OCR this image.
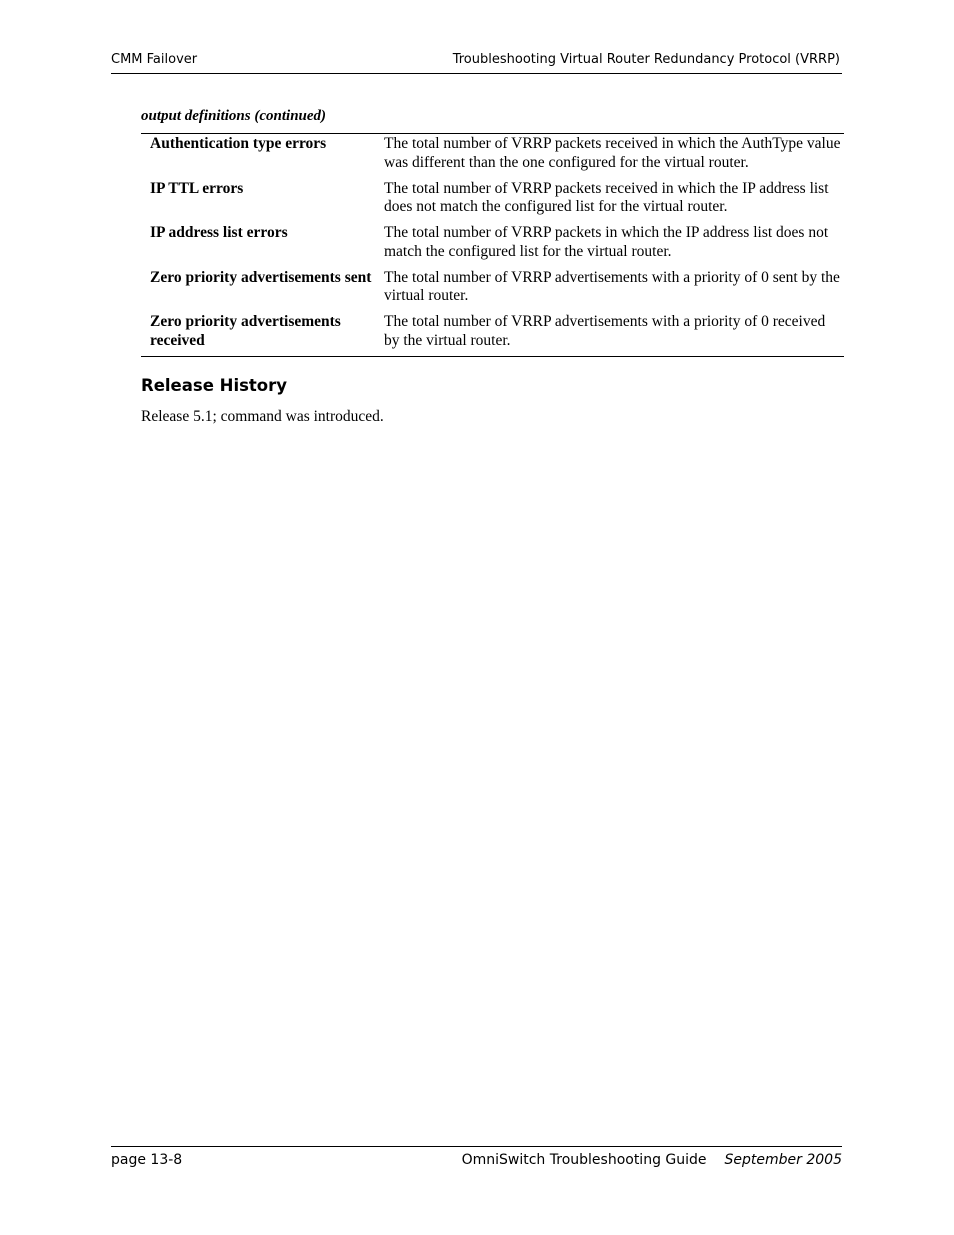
CMM Failover	Troubleshooting Virtual Router Redundancy Protocol (VRRP)
output definitions (continued)
Authentication type errors	The total number of VRRP packets received in which the AuthType value was different than the one configured for the virtual router.
IP TTL errors	The total number of VRRP packets received in which the IP address list does not match the configured list for the virtual router.
IP address list errors	The total number of VRRP packets in which the IP address list does not match the configured list for the virtual router.
Zero priority advertisements sent	The total number of VRRP advertisements with a priority of 0 sent by the virtual router.
Zero priority advertisements received	The total number of VRRP advertisements with a priority of 0 received by the virtual router.
Release History
Release 5.1; command was introduced.
page 13-8	OmniSwitch Troubleshooting Guide September 2005
